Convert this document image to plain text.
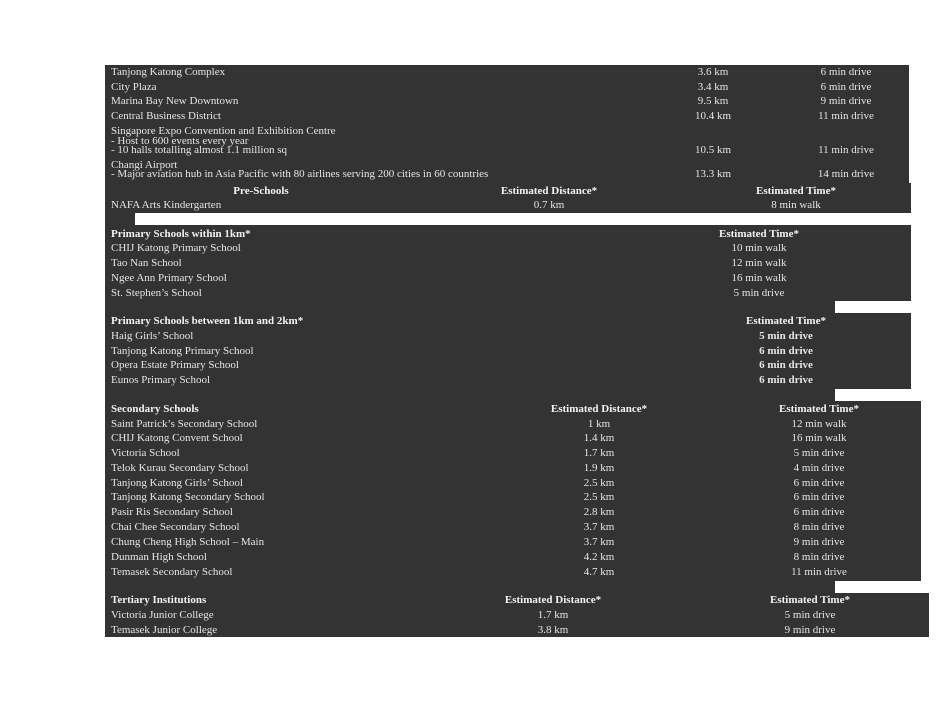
Tanjong Katong Complex	3.6 km	6 min drive
City Plaza	3.4 km	6 min drive
Marina Bay New Downtown	9.5 km	9 min drive
Central Business District	10.4 km	11 min drive
Singapore Expo Convention and Exhibition Centre
- Host to 600 events every year
- 10 halls totalling almost 1.1 million sq	10.5 km	11 min drive
Changi Airport
- Major aviation hub in Asia Pacific with 80 airlines serving 200 cities in 60 countries	13.3 km	14 min drive
Pre-Schools	Estimated Distance*	Estimated Time*
NAFA Arts Kindergarten	0.7 km	8 min walk
Primary Schools within 1km*	Estimated Time*
CHIJ Katong Primary School	10 min walk
Tao Nan School	12 min walk
Ngee Ann Primary School	16 min walk
St. Stephen’s School	5 min drive
Primary Schools between 1km and 2km*	Estimated Time*
Haig Girls’ School	5 min drive
Tanjong Katong Primary School	6 min drive
Opera Estate Primary School	6 min drive
Eunos Primary School	6 min drive
Secondary Schools	Estimated Distance*	Estimated Time*
Saint Patrick’s Secondary School	1 km	12 min walk
CHIJ Katong Convent School	1.4 km	16 min walk
Victoria School	1.7 km	5 min drive
Telok Kurau Secondary School	1.9 km	4 min drive
Tanjong Katong Girls’ School	2.5 km	6 min drive
Tanjong Katong Secondary School	2.5 km	6 min drive
Pasir Ris Secondary School	2.8 km	6 min drive
Chai Chee Secondary School	3.7 km	8 min drive
Chung Cheng High School – Main	3.7 km	9 min drive
Dunman High School	4.2 km	8 min drive
Temasek Secondary School	4.7 km	11 min drive
Tertiary Institutions	Estimated Distance*	Estimated Time*
Victoria Junior College	1.7 km	5 min drive
Temasek Junior College	3.8 km	9 min drive
